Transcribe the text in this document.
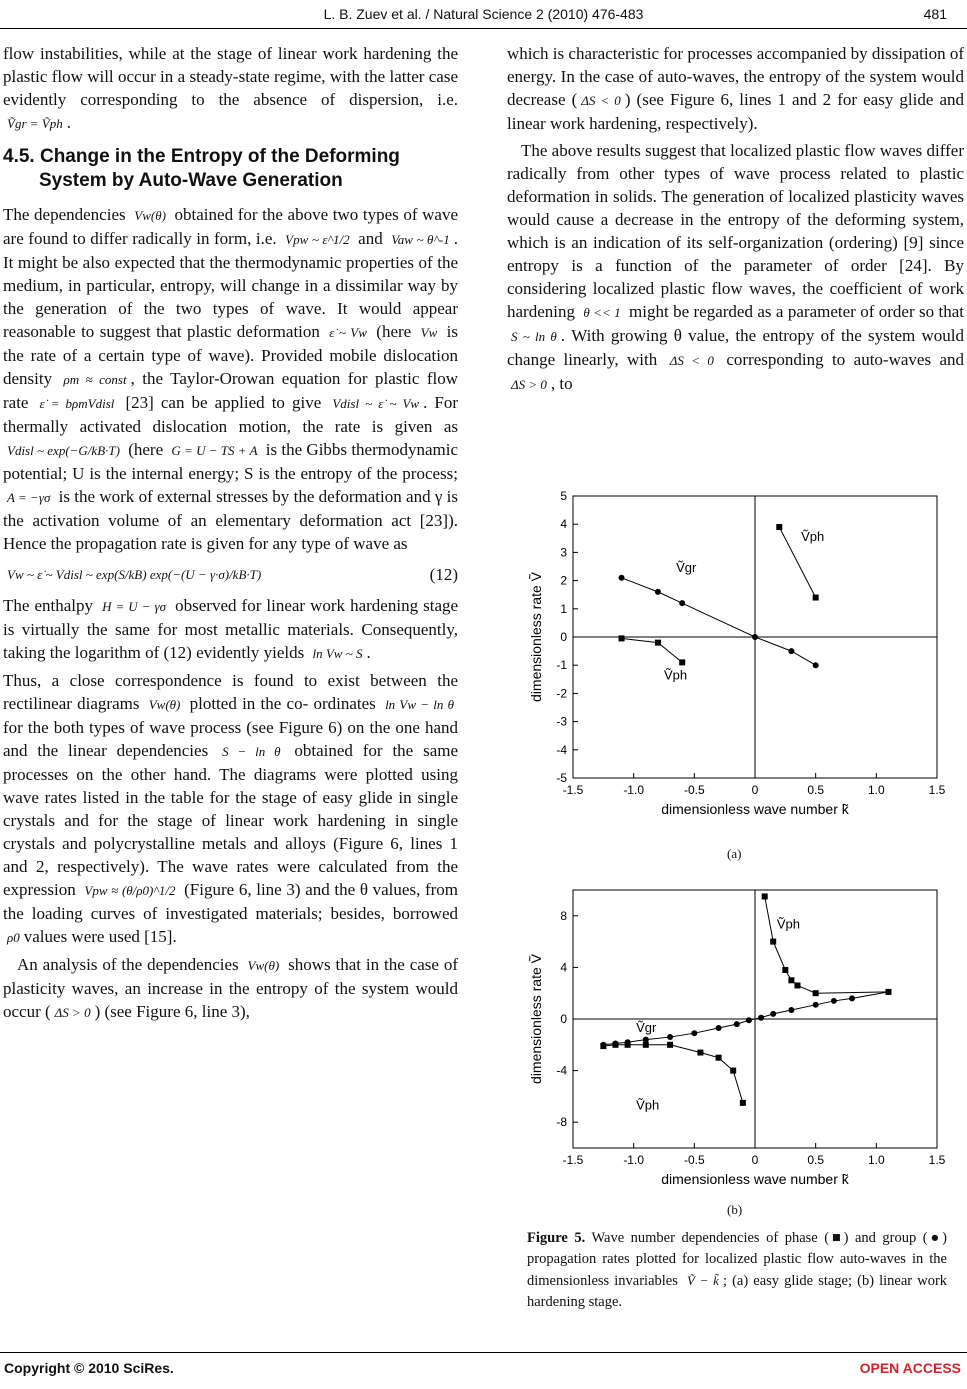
L. B. Zuev et al. / Natural Science 2 (2010) 476-483	481

flow instabilities, while at the stage of linear work hardening the plastic flow will occur in a steady-state regime, with the latter case evidently corresponding to the absence of dispersion, i.e. Ṽgr = Ṽph .

4.5. Change in the Entropy of the Deforming System by Auto-Wave Generation

The dependencies Vw(θ) obtained for the above two types of wave are found to differ radically in form, i.e. Vpw ~ ε^1/2 and Vaw ~ θ^-1 . It might be also expected that the thermodynamic properties of the medium, in particular, entropy, will change in a dissimilar way by the generation of the two types of wave. It would appear reasonable to suggest that plastic deformation ε̇ ~ Vw (here Vw is the rate of a certain type of wave). Provided mobile dislocation density ρm ≈ const , the Taylor-Orowan equation for plastic flow rate ε̇ = bρmVdisl [23] can be applied to give Vdisl ~ ε̇ ~ Vw . For thermally activated dislocation motion, the rate is given as Vdisl ~ exp(−G/kB·T) (here G = U − TS + A is the Gibbs thermodynamic potential; U is the internal energy; S is the entropy of the process; A = −γσ is the work of external stresses by the deformation and γ is the activation volume of an elementary deformation act [23]). Hence the propagation rate is given for any type of wave as

Vw ~ ε̇ ~ Vdisl ~ exp(S/kB) exp(−(U − γ·σ)/kB·T)	(12)

The enthalpy H = U − γσ observed for linear work hardening stage is virtually the same for most metallic materials. Consequently, taking the logarithm of (12) evidently yields ln Vw ~ S .

Thus, a close correspondence is found to exist between the rectilinear diagrams Vw(θ) plotted in the co- ordinates ln Vw − ln θ for the both types of wave process (see Figure 6) on the one hand and the linear dependencies S − ln θ obtained for the same processes on the other hand. The diagrams were plotted using wave rates listed in the table for the stage of easy glide in single crystals and for the stage of linear work hardening in single crystals and polycrystalline metals and alloys (Figure 6, lines 1 and 2, respectively). The wave rates were calculated from the expression Vpw ≈ (θ/ρ0)^1/2 (Figure 6, line 3) and the θ values, from the loading curves of investigated materials; besides, borrowed ρ0 values were used [15].

An analysis of the dependencies Vw(θ) shows that in the case of plasticity waves, an increase in the entropy of the system would occur ( ΔS > 0 ) (see Figure 6, line 3),

which is characteristic for processes accompanied by dissipation of energy. In the case of auto-waves, the entropy of the system would decrease ( ΔS < 0 ) (see Figure 6, lines 1 and 2 for easy glide and linear work hardening, respectively).

The above results suggest that localized plastic flow waves differ radically from other types of wave process related to plastic deformation in solids. The generation of localized plasticity waves would cause a decrease in the entropy of the deforming system, which is an indication of its self-organization (ordering) [9] since entropy is a function of the parameter of order [24]. By considering localized plastic flow waves, the coefficient of work hardening θ << 1 might be regarded as a parameter of order so that S ~ ln θ . With growing θ value, the entropy of the system would change linearly, with ΔS < 0 corresponding to auto-waves and ΔS > 0 , to

-1.5	-1.0	-0.5	0	0.5	1.0	1.5
5
4
3
2
1
0
-1
-2
-3
-4
-5
dimensionless wave number k̃
dimensionless rate Ṽ
Ṽgr
Ṽph
Ṽph
(a)
-1.5	-1.0	-0.5	0	0.5	1.0	1.5
8
4
0
-4
-8
dimensionless wave number k̃
dimensionless rate Ṽ
Ṽph
Ṽgr
Ṽph
(b)
Figure 5. Wave number dependencies of phase (■) and group (●) propagation rates plotted for localized plastic flow auto-waves in the dimensionless invariables Ṽ − k̃ ; (a) easy glide stage; (b) linear work hardening stage.
Copyright © 2010 SciRes.	OPEN ACCESS
